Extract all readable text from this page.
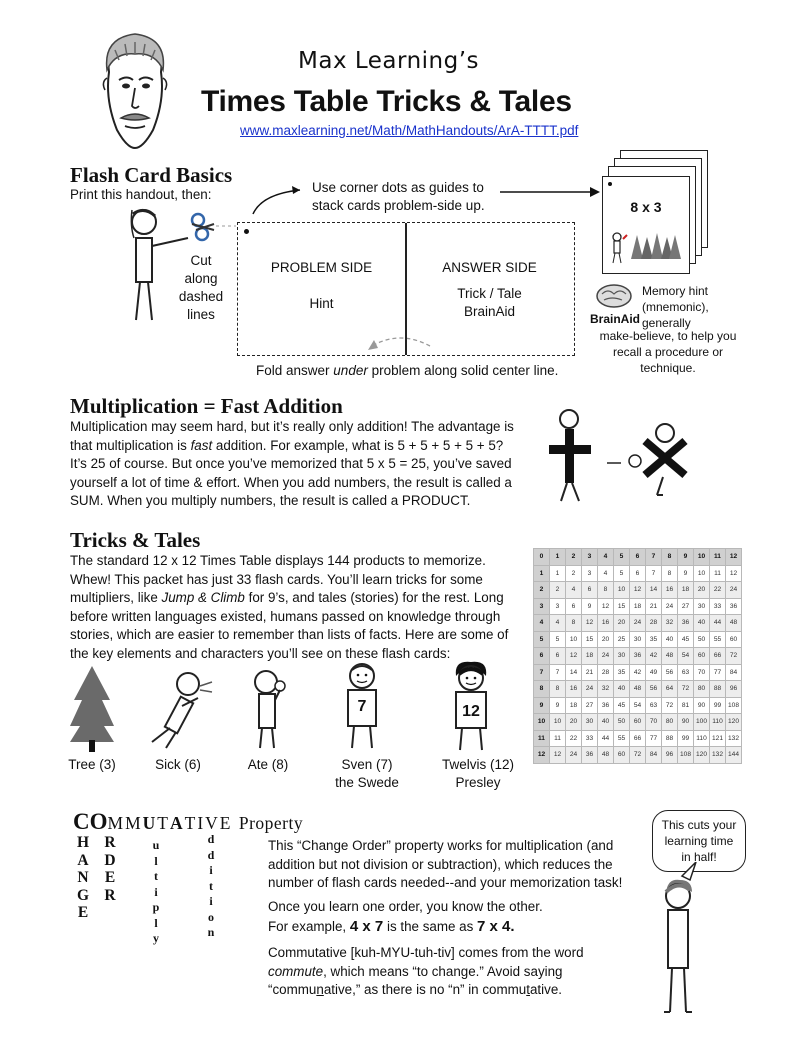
Max Learning’s
Times Table Tricks & Tales
www.maxlearning.net/Math/MathHandouts/ArA-TTTT.pdf
Flash Card Basics
Print this handout, then:	Use corner dots as guides to
stack cards problem-side up.
Cut
along
dashed
lines
PROBLEM SIDE
Hint
ANSWER SIDE
Trick / Tale
BrainAid
Fold answer under problem along solid center line.
8 x 3
BrainAid
Memory hint
(mnemonic),
generally
make-believe, to help you
recall a procedure or technique.
Multiplication = Fast Addition
Multiplication may seem hard, but it’s really only addition! The advantage is
that multiplication is fast addition. For example, what is 5 + 5 + 5 + 5 + 5?
It’s 25 of course. But once you’ve memorized that 5 x 5 = 25, you’ve saved
yourself a lot of time & effort. When you add numbers, the result is called a
SUM. When you multiply numbers, the result is called a PRODUCT.
Tricks & Tales
The standard 12 x 12 Times Table displays 144 products to memorize.
Whew! This packet has just 33 flash cards. You’ll learn tricks for some
multipliers, like Jump & Climb for 9’s, and tales (stories) for the rest. Long
before written languages existed, humans passed on knowledge through
stories, which are easier to remember than lists of facts. Here are some of
the key elements and characters you’ll see on these flash cards:
7	12
Tree (3)	Sick (6)	Ate (8)	Sven (7)
the Swede
Twelvis (12)
Presley
0	1	2	3	4	5	6	7	8	9	10	11	12
1	1	2	3	4	5	6	7	8	9	10	11	12
2	2	4	6	8	10	12	14	16	18	20	22	24
3	3	6	9	12	15	18	21	24	27	30	33	36
4	4	8	12	16	20	24	28	32	36	40	44	48
5	5	10	15	20	25	30	35	40	45	50	55	60
6	6	12	18	24	30	36	42	48	54	60	66	72
7	7	14	21	28	35	42	49	56	63	70	77	84
8	8	16	24	32	40	48	56	64	72	80	88	96
9	9	18	27	36	45	54	63	72	81	90	99	108
10	10	20	30	40	50	60	70	80	90	100	110	120
11	11	22	33	44	55	66	77	88	99	110	121	132
12	12	24	36	48	60	72	84	96	108	120	132	144
COMMUTATIVE Property
H
A
N
G
E
R
D
E
R
u
l
t
i
p
l
y
d
d
i
t
i
o
n
This “Change Order” property works for multiplication (and
addition but not division or subtraction), which reduces the
number of flash cards needed--and your memorization task!
Once you learn one order, you know the other.
For example, 4 x 7 is the same as 7 x 4.
Commutative [kuh-MYU-tuh-tiv] comes from the word
commute, which means “to change.” Avoid saying
“communative,” as there is no “n” in commutative.
This cuts your
learning time
in half!
